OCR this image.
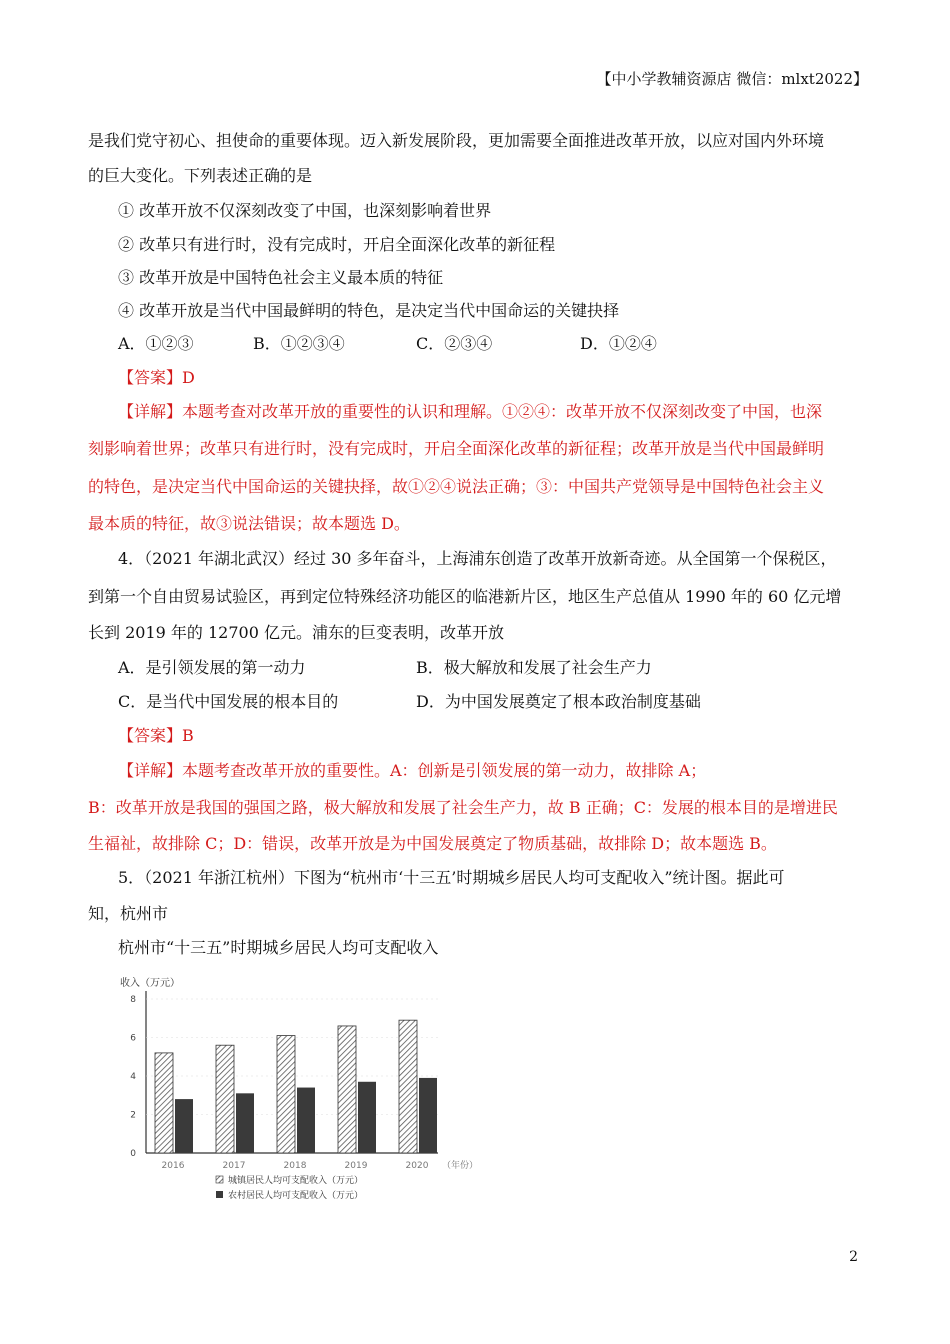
【中小学教辅资源店 微信：mlxt2022】
是我们党守初心、担使命的重要体现。迈入新发展阶段，更加需要全面推进改革开放，以应对国内外环境
的巨大变化。下列表述正确的是
① 改革开放不仅深刻改变了中国，也深刻影响着世界
② 改革只有进行时，没有完成时，开启全面深化改革的新征程
③ 改革开放是中国特色社会主义最本质的特征
④ 改革开放是当代中国最鲜明的特色，是决定当代中国命运的关键抉择
A．①②③	B．①②③④	C．②③④	D．①②④
【答案】D
【详解】本题考查对改革开放的重要性的认识和理解。①②④：改革开放不仅深刻改变了中国，也深
刻影响着世界；改革只有进行时，没有完成时，开启全面深化改革的新征程；改革开放是当代中国最鲜明
的特色，是决定当代中国命运的关键抉择，故①②④说法正确；③：中国共产党领导是中国特色社会主义
最本质的特征，故③说法错误；故本题选 D。
4．（2021 年湖北武汉）经过 30 多年奋斗，上海浦东创造了改革开放新奇迹。从全国第一个保税区，
到第一个自由贸易试验区，再到定位特殊经济功能区的临港新片区，地区生产总值从 1990 年的 60 亿元增
长到 2019 年的 12700 亿元。浦东的巨变表明，改革开放
A．是引领发展的第一动力	B．极大解放和发展了社会生产力
C．是当代中国发展的根本目的	D．为中国发展奠定了根本政治制度基础
【答案】B
【详解】本题考查改革开放的重要性。A：创新是引领发展的第一动力，故排除 A；
B：改革开放是我国的强国之路，极大解放和发展了社会生产力，故 B 正确；C：发展的根本目的是增进民
生福祉，故排除 C；D：错误，改革开放是为中国发展奠定了物质基础，故排除 D；故本题选 B。
5．（2021 年浙江杭州）下图为“杭州市‘十三五’时期城乡居民人均可支配收入”统计图。据此可
知，杭州市
杭州市“十三五”时期城乡居民人均可支配收入
收入（万元）
0
2
4
6
8
2016	2017	2018	2019	2020 （年份）
城镇居民人均可支配收入（万元）
农村居民人均可支配收入（万元）
2
